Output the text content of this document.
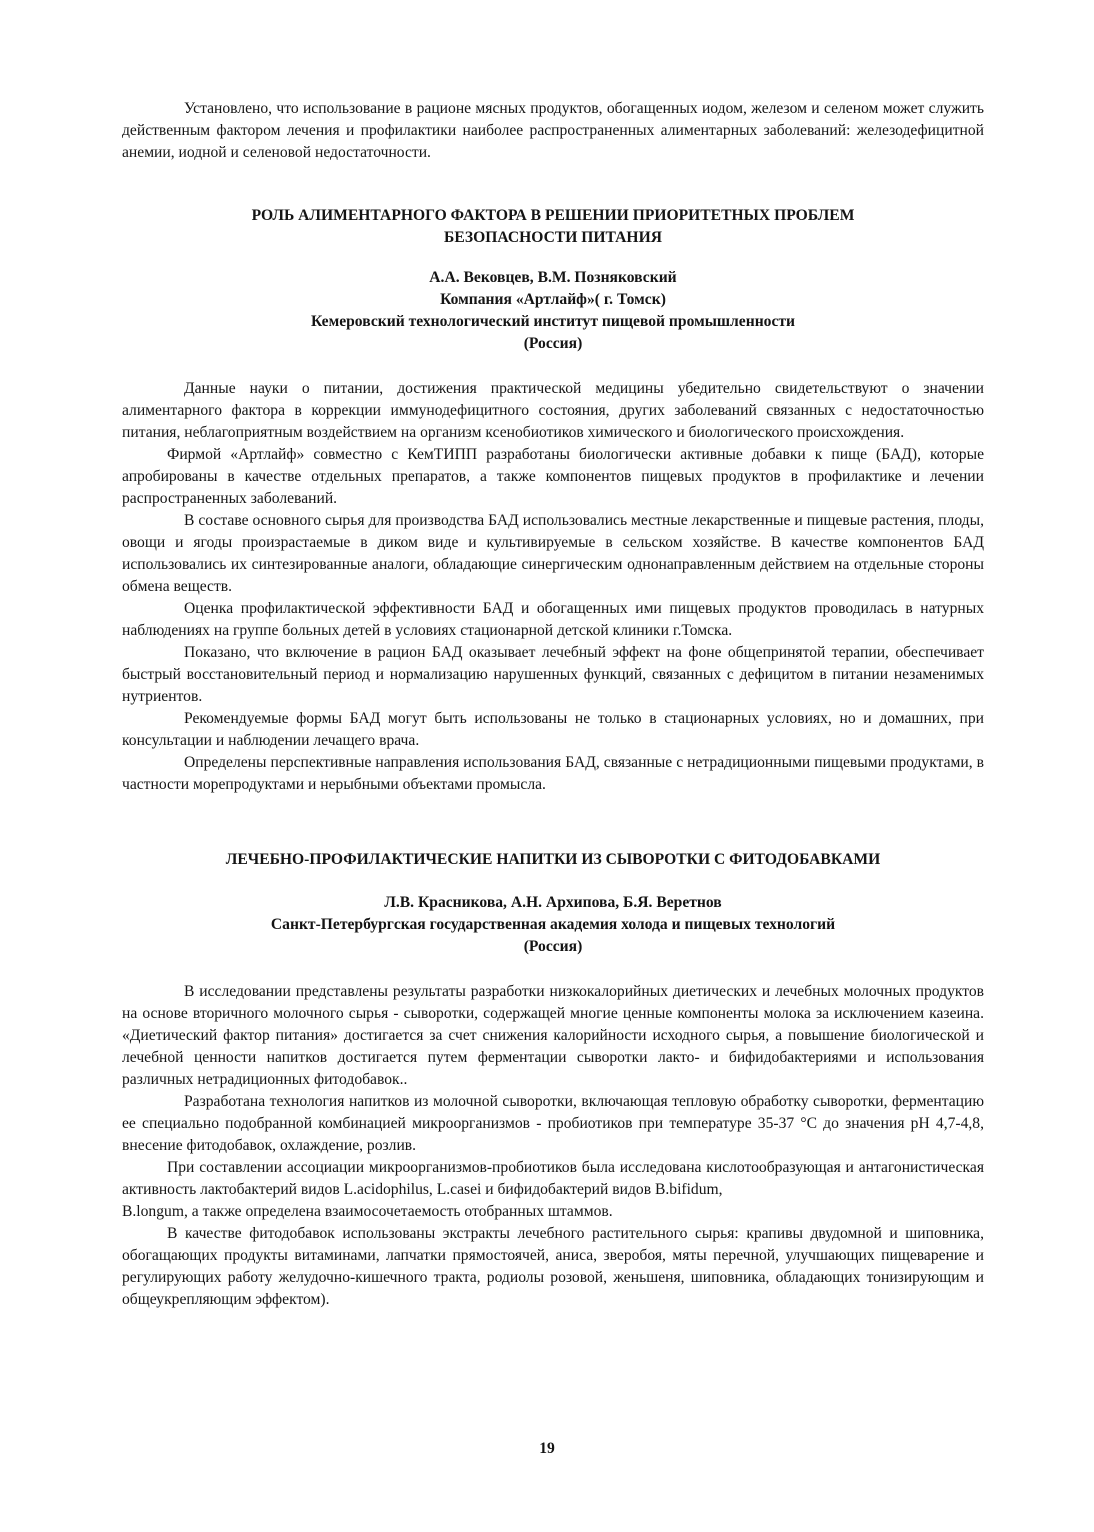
Установлено, что использование в рационе мясных продуктов, обогащенных иодом, железом и селеном может служить действенным фактором лечения и профилактики наиболее распространенных алиментарных заболеваний: железодефицитной анемии, иодной и селеновой недостаточности.

РОЛЬ АЛИМЕНТАРНОГО ФАКТОРА В РЕШЕНИИ ПРИОРИТЕТНЫХ ПРОБЛЕМ
БЕЗОПАСНОСТИ ПИТАНИЯ
А.А. Вековцев, В.М. Позняковский
Компания «Артлайф»( г. Томск)
Кемеровский технологический институт пищевой промышленности
(Россия)

Данные науки о питании, достижения практической медицины убедительно свидетельствуют о значении алиментарного фактора в коррекции иммунодефицитного состояния, других заболеваний связанных с недостаточностью питания, неблагоприятным воздействием на организм ксенобиотиков химического и биологического происхождения.

Фирмой «Артлайф» совместно с КемТИПП разработаны биологически активные добавки к пище (БАД), которые апробированы в качестве отдельных препаратов, а также компонентов пищевых продуктов в профилактике и лечении распространенных заболеваний.

В составе основного сырья для производства БАД использовались местные лекарственные и пищевые растения, плоды, овощи и ягоды произрастаемые в диком виде и культивируемые в сельском хозяйстве. В качестве компонентов БАД использовались их синтезированные аналоги, обладающие синергическим однонаправленным действием на отдельные стороны обмена веществ.

Оценка профилактической эффективности БАД и обогащенных ими пищевых продуктов проводилась в натурных наблюдениях на группе больных детей в условиях стационарной детской клиники г.Томска.

Показано, что включение в рацион БАД оказывает лечебный эффект на фоне общепринятой терапии, обеспечивает быстрый восстановительный период и нормализацию нарушенных функций, связанных с дефицитом в питании незаменимых нутриентов.

Рекомендуемые формы БАД могут быть использованы не только в стационарных условиях, но и домашних, при консультации и наблюдении лечащего врача.

Определены перспективные направления использования БАД, связанные с нетрадиционными пищевыми продуктами, в частности морепродуктами и нерыбными объектами промысла.

ЛЕЧЕБНО-ПРОФИЛАКТИЧЕСКИЕ НАПИТКИ ИЗ СЫВОРОТКИ С ФИТОДОБАВКАМИ
Л.В. Красникова, А.Н. Архипова, Б.Я. Веретнов
Санкт-Петербургская государственная академия холода и пищевых технологий
(Россия)

В исследовании представлены результаты разработки низкокалорийных диетических и лечебных молочных продуктов на основе вторичного молочного сырья - сыворотки, содержащей многие ценные компоненты молока за исключением казеина. «Диетический фактор питания» достигается за счет снижения калорийности исходного сырья, а повышение биологической и лечебной ценности напитков достигается путем ферментации сыворотки лакто- и бифидобактериями и использования различных нетрадиционных фитодобавок..

Разработана технология напитков из молочной сыворотки, включающая тепловую обработку сыворотки, ферментацию ее специально подобранной комбинацией микроорганизмов - пробиотиков при температуре 35-37 °С до значения рН 4,7-4,8, внесение фитодобавок, охлаждение, розлив.

При составлении ассоциации микроорганизмов-пробиотиков была исследована кислотообразующая и антагонистическая активность лактобактерий видов L.acidophilus, L.casei и бифидобактерий видов B.bifidum,

B.longum, а также определена взаимосочетаемость отобранных штаммов.

В качестве фитодобавок использованы экстракты лечебного растительного сырья: крапивы двудомной и шиповника, обогащающих продукты витаминами, лапчатки прямостоячей, аниса, зверобоя, мяты перечной, улучшающих пищеварение и регулирующих работу желудочно-кишечного тракта, родиолы розовой, женьшеня, шиповника, обладающих тонизирующим и общеукрепляющим эффектом).

19
